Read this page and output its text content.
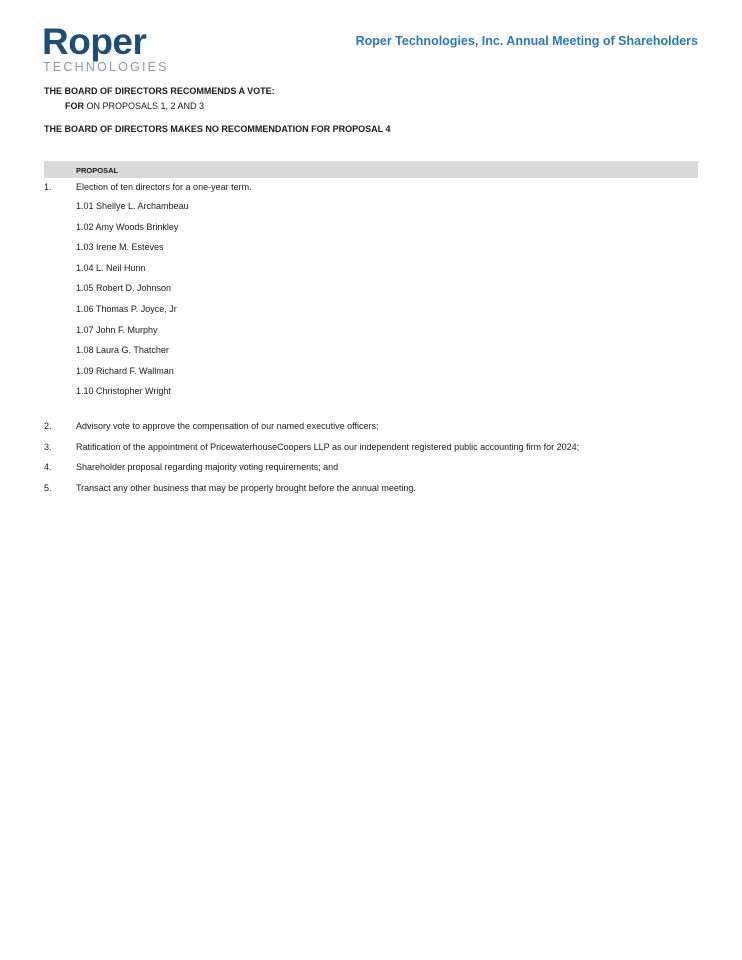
Roper
TECHNOLOGIES
Roper Technologies, Inc. Annual Meeting of Shareholders
THE BOARD OF DIRECTORS RECOMMENDS A VOTE:
FOR ON PROPOSALS 1, 2 AND 3
THE BOARD OF DIRECTORS MAKES NO RECOMMENDATION FOR PROPOSAL 4
PROPOSAL
1.	Election of ten directors for a one-year term.
1.01 Shellye L. Archambeau
1.02 Amy Woods Brinkley
1.03 Irene M. Esteves
1.04 L. Neil Hunn
1.05 Robert D. Johnson
1.06 Thomas P. Joyce, Jr
1.07 John F. Murphy
1.08 Laura G. Thatcher
1.09 Richard F. Wallman
1.10 Christopher Wright
2.	Advisory vote to approve the compensation of our named executive officers;
3.	Ratification of the appointment of PricewaterhouseCoopers LLP as our independent registered public accounting firm for 2024;
4.	Shareholder proposal regarding majority voting requirements; and
5.	Transact any other business that may be properly brought before the annual meeting.
